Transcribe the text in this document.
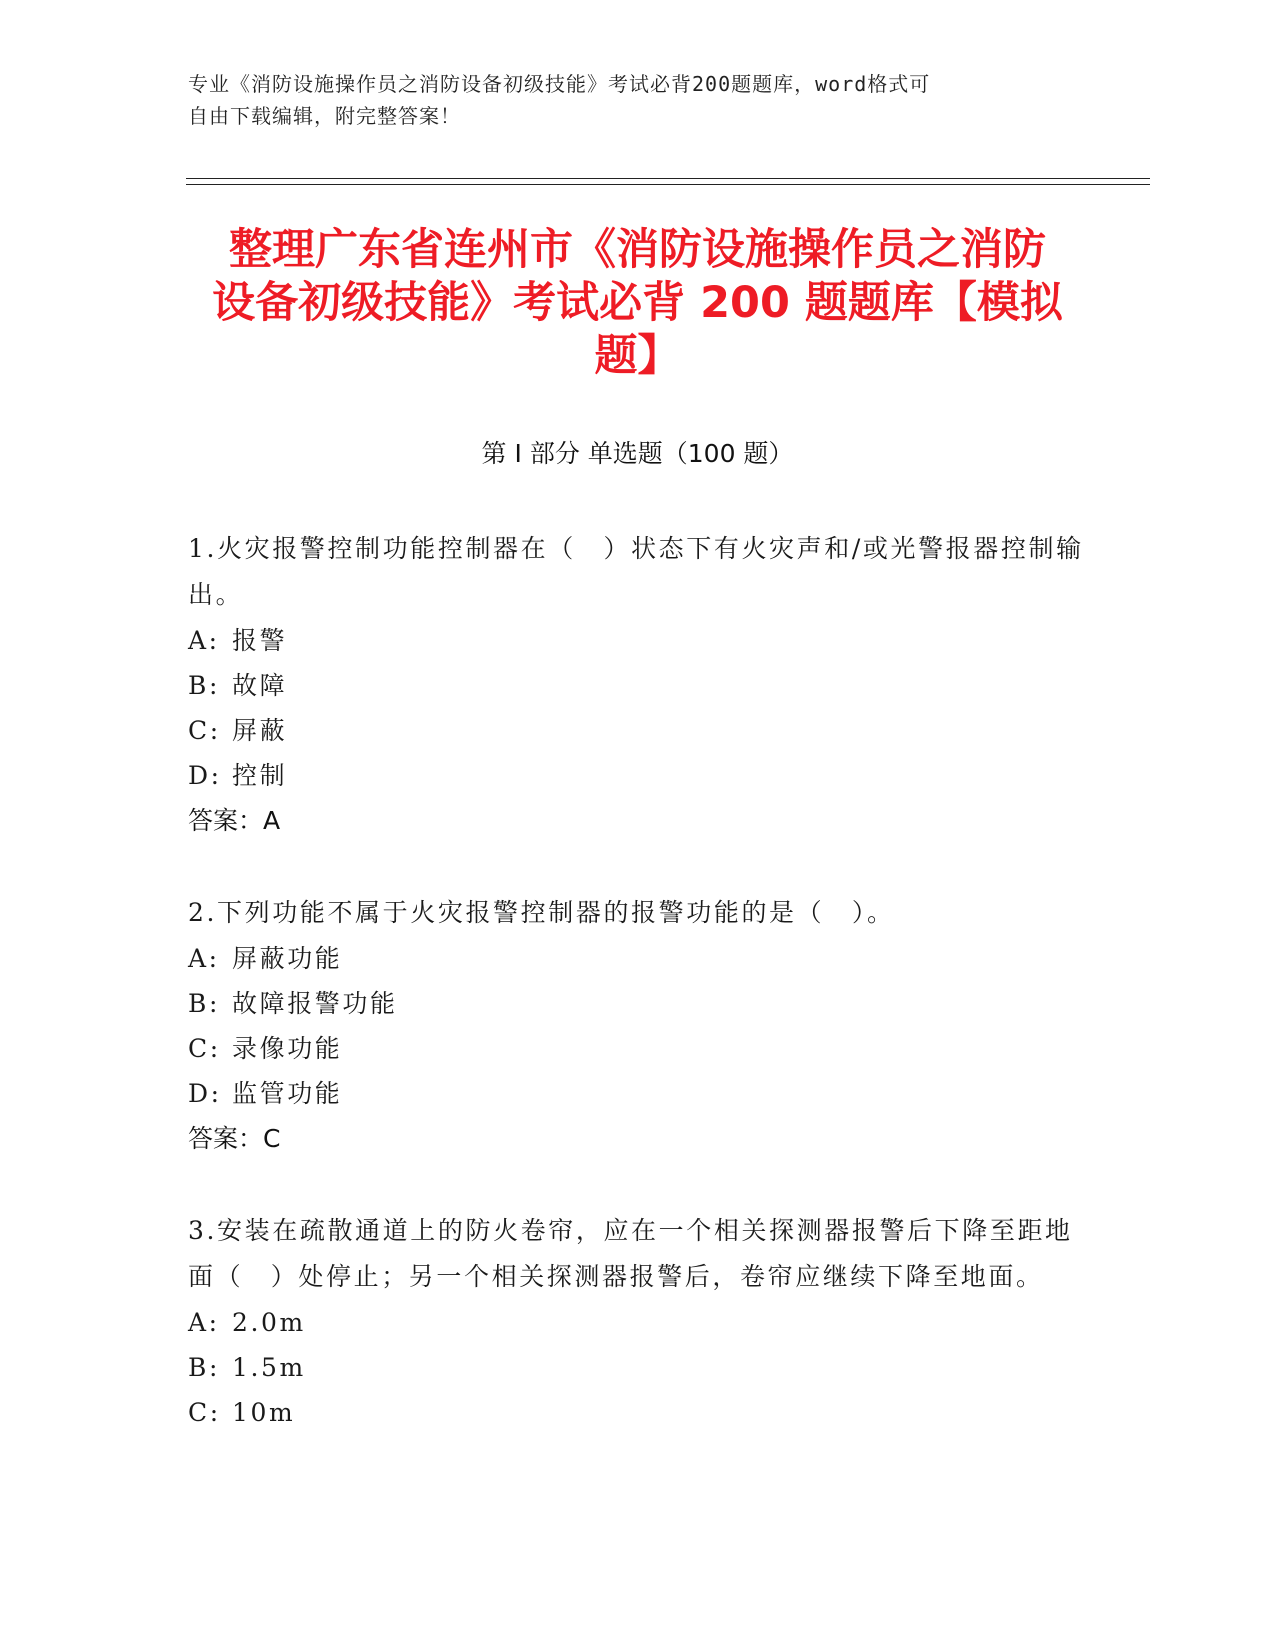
专业《消防设施操作员之消防设备初级技能》考试必背200题题库，word格式可
自由下载编辑，附完整答案！
整理广东省连州市《消防设施操作员之消防
设备初级技能》考试必背 200 题题库【模拟
题】
第 I 部分 单选题（100 题）

1.火灾报警控制功能控制器在（　）状态下有火灾声和/或光警报器控制输出。

A: 报警

B: 故障

C: 屏蔽

D: 控制

答案：A

2.下列功能不属于火灾报警控制器的报警功能的是（　）。

A: 屏蔽功能

B: 故障报警功能

C: 录像功能

D: 监管功能

答案：C

3.安装在疏散通道上的防火卷帘，应在一个相关探测器报警后下降至距地面（　）处停止；另一个相关探测器报警后，卷帘应继续下降至地面。

A: 2.0m

B: 1.5m

C: 10m
